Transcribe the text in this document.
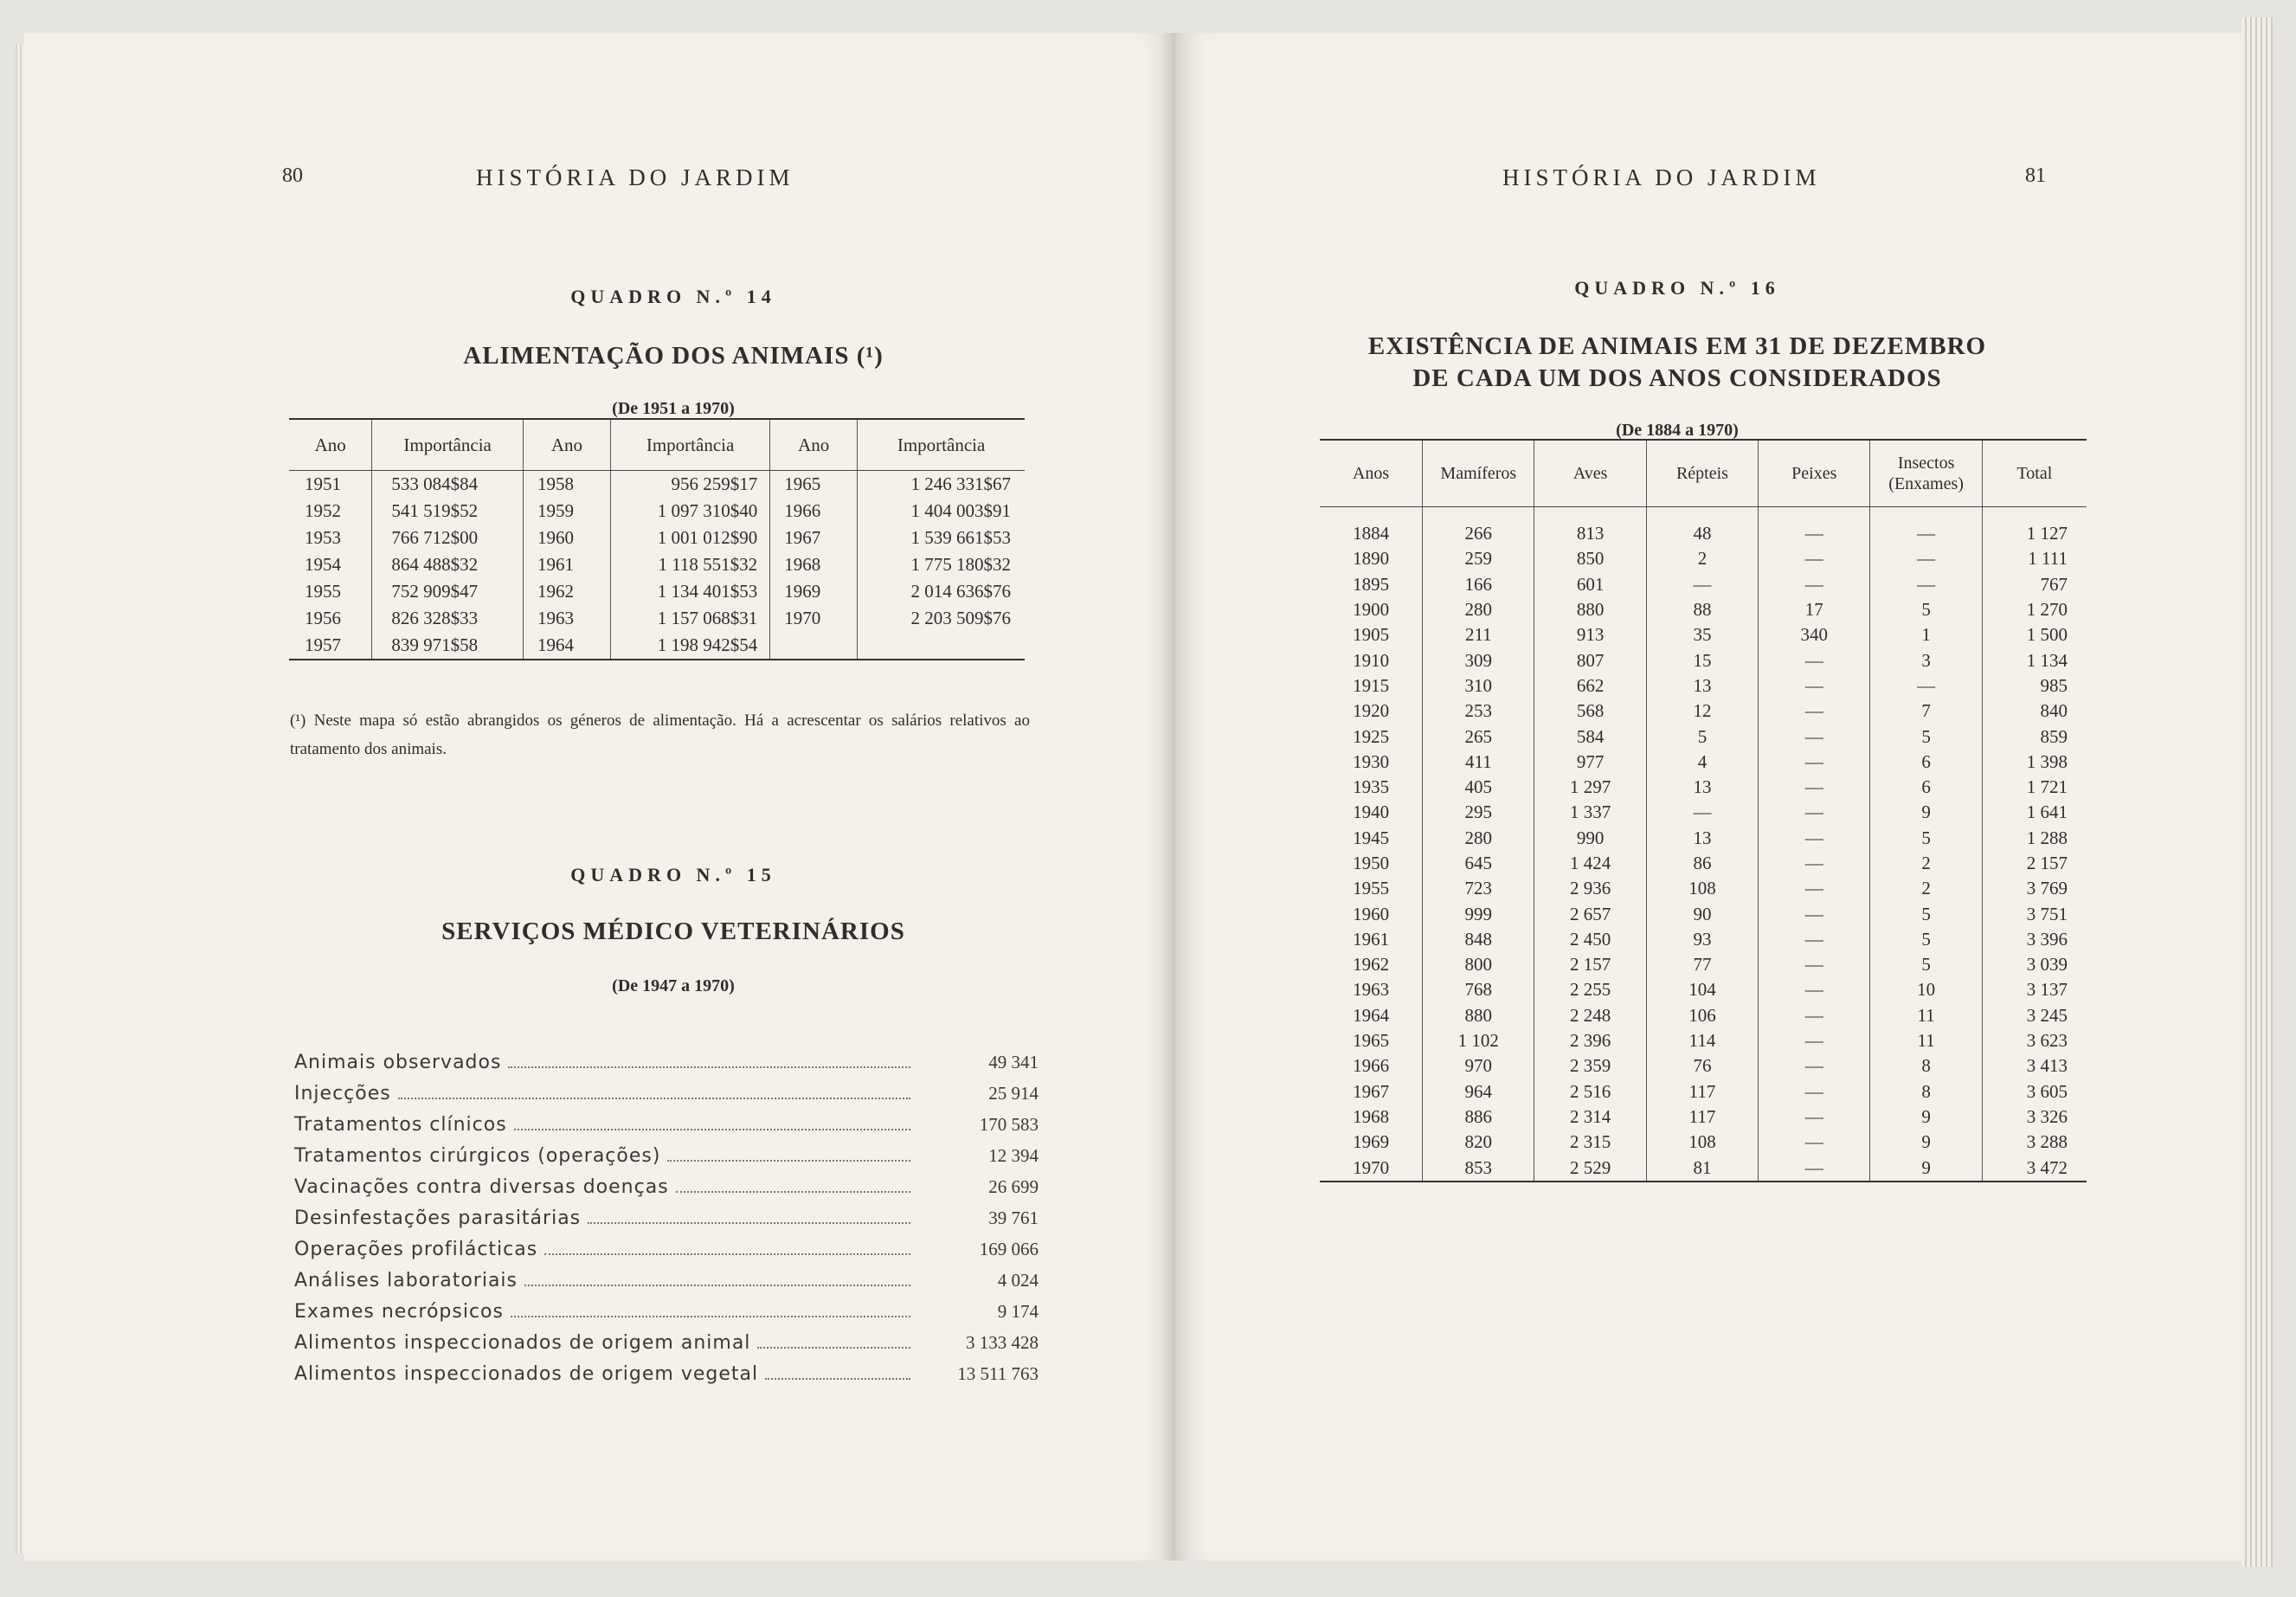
80	HISTÓRIA DO JARDIM
QUADRO N.º 14
ALIMENTAÇÃO DOS ANIMAIS (¹)
(De 1951 a 1970)
Ano	Importância	Ano	Importância	Ano	Importância
1951	533 084$84	1958	956 259$17	1965	1 246 331$67
1952	541 519$52	1959	1 097 310$40	1966	1 404 003$91
1953	766 712$00	1960	1 001 012$90	1967	1 539 661$53
1954	864 488$32	1961	1 118 551$32	1968	1 775 180$32
1955	752 909$47	1962	1 134 401$53	1969	2 014 636$76
1956	826 328$33	1963	1 157 068$31	1970	2 203 509$76
1957	839 971$58	1964	1 198 942$54		
(¹) Neste mapa só estão abrangidos os géneros de alimentação. Há a acrescentar os salários relativos ao tratamento dos animais.
QUADRO N.º 15
SERVIÇOS MÉDICO VETERINÁRIOS
(De 1947 a 1970)
Animais observados	49 341
Injecções	25 914
Tratamentos clínicos	170 583
Tratamentos cirúrgicos (operações)	12 394
Vacinações contra diversas doenças	26 699
Desinfestações parasitárias	39 761
Operações profilácticas	169 066
Análises laboratoriais	4 024
Exames necrópsicos	9 174
Alimentos inspeccionados de origem animal	3 133 428
Alimentos inspeccionados de origem vegetal	13 511 763
HISTÓRIA DO JARDIM	81
QUADRO N.º 16
EXISTÊNCIA DE ANIMAIS EM 31 DE DEZEMBRO
DE CADA UM DOS ANOS CONSIDERADOS
(De 1884 a 1970)
Anos	Mamíferos	Aves	Répteis	Peixes	Insectos (Enxames)	Total
1884	266	813	48	—	—	1 127
1890	259	850	2	—	—	1 111
1895	166	601	—	—	—	767
1900	280	880	88	17	5	1 270
1905	211	913	35	340	1	1 500
1910	309	807	15	—	3	1 134
1915	310	662	13	—	—	985
1920	253	568	12	—	7	840
1925	265	584	5	—	5	859
1930	411	977	4	—	6	1 398
1935	405	1 297	13	—	6	1 721
1940	295	1 337	—	—	9	1 641
1945	280	990	13	—	5	1 288
1950	645	1 424	86	—	2	2 157
1955	723	2 936	108	—	2	3 769
1960	999	2 657	90	—	5	3 751
1961	848	2 450	93	—	5	3 396
1962	800	2 157	77	—	5	3 039
1963	768	2 255	104	—	10	3 137
1964	880	2 248	106	—	11	3 245
1965	1 102	2 396	114	—	11	3 623
1966	970	2 359	76	—	8	3 413
1967	964	2 516	117	—	8	3 605
1968	886	2 314	117	—	9	3 326
1969	820	2 315	108	—	9	3 288
1970	853	2 529	81	—	9	3 472
